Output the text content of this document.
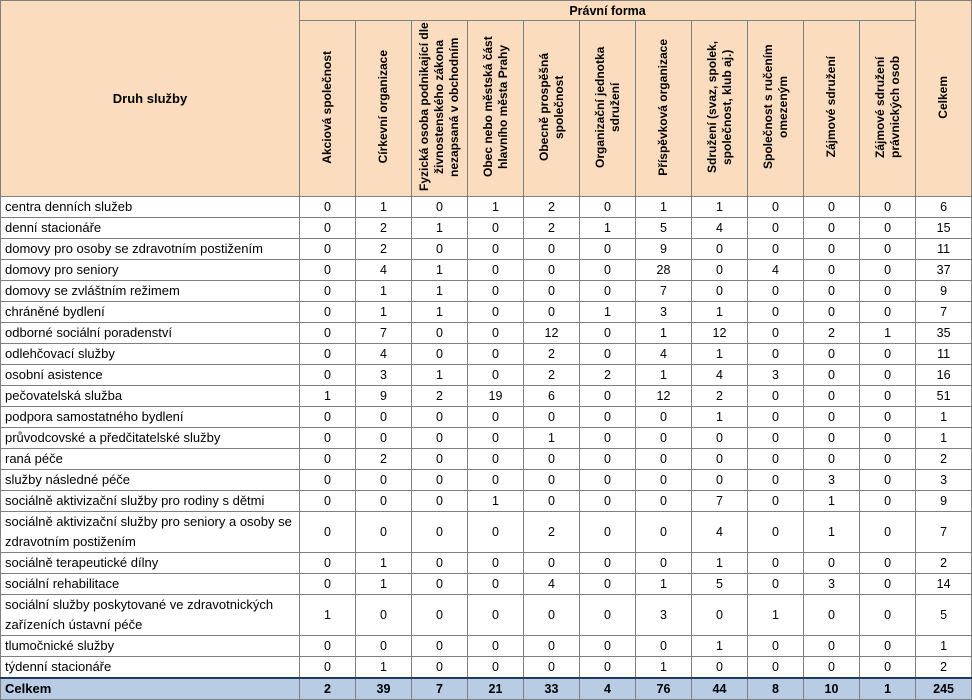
Druh služby	Právní forma											Celkem
	Akciová společnost	Církevní organizace	Fyzická osoba podnikající dle živnostenského zákona nezapsaná v obchodním	Obec nebo městská část hlavního města Prahy	Obecně prospěšná společnost	Organizační jednotka sdružení	Příspěvková organizace	Sdružení (svaz, spolek, společnost, klub aj.)	Společnost s ručením omezeným	Zájmové sdružení	Zájmové sdružení právnických osob	
centra denních služeb	0	1	0	1	2	0	1	1	0	0	0	6
denní stacionáře	0	2	1	0	2	1	5	4	0	0	0	15
domovy pro osoby se zdravotním postižením	0	2	0	0	0	0	9	0	0	0	0	11
domovy pro seniory	0	4	1	0	0	0	28	0	4	0	0	37
domovy se zvláštním režimem	0	1	1	0	0	0	7	0	0	0	0	9
chráněné bydlení	0	1	1	0	0	1	3	1	0	0	0	7
odborné sociální poradenství	0	7	0	0	12	0	1	12	0	2	1	35
odlehčovací služby	0	4	0	0	2	0	4	1	0	0	0	11
osobní asistence	0	3	1	0	2	2	1	4	3	0	0	16
pečovatelská služba	1	9	2	19	6	0	12	2	0	0	0	51
podpora samostatného bydlení	0	0	0	0	0	0	0	1	0	0	0	1
průvodcovské a předčitatelské služby	0	0	0	0	1	0	0	0	0	0	0	1
raná péče	0	2	0	0	0	0	0	0	0	0	0	2
služby následné péče	0	0	0	0	0	0	0	0	0	3	0	3
sociálně aktivizační služby pro rodiny s dětmi	0	0	0	1	0	0	0	7	0	1	0	9
sociálně aktivizační služby pro seniory a osoby se zdravotním postižením	0	0	0	0	2	0	0	4	0	1	0	7
sociálně terapeutické dílny	0	1	0	0	0	0	0	1	0	0	0	2
sociální rehabilitace	0	1	0	0	4	0	1	5	0	3	0	14
sociální služby poskytované ve zdravotnických zařízeních ústavní péče	1	0	0	0	0	0	3	0	1	0	0	5
tlumočnické služby	0	0	0	0	0	0	0	1	0	0	0	1
týdenní stacionáře	0	1	0	0	0	0	1	0	0	0	0	2
Celkem	2	39	7	21	33	4	76	44	8	10	1	245
